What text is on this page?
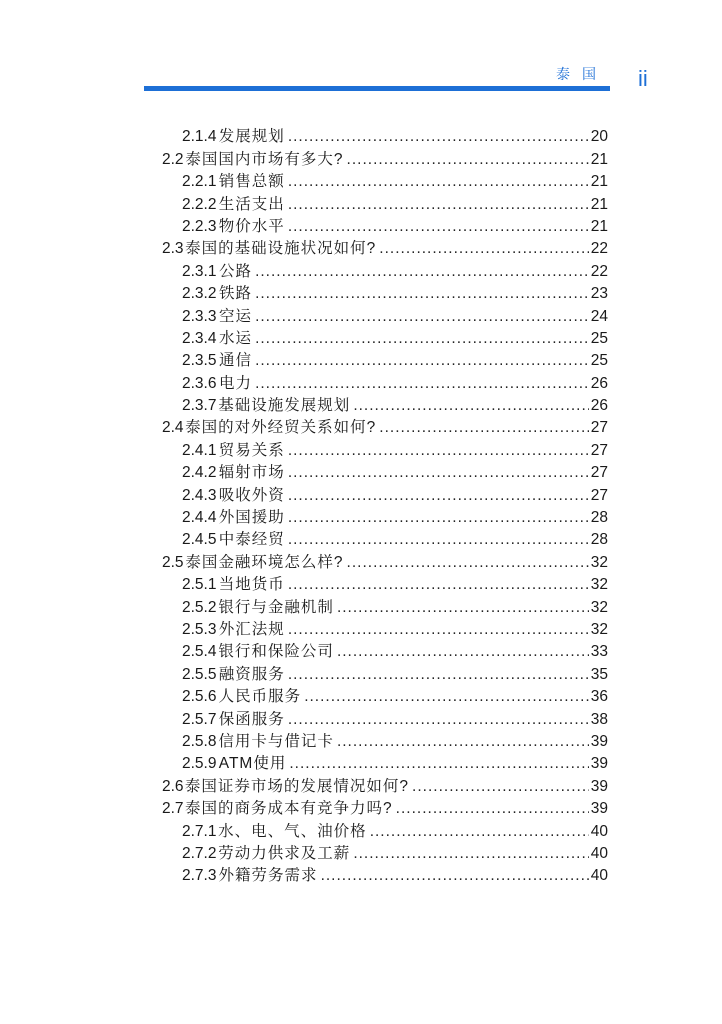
泰国 ii
2.1.4 发展规划 .....	20
2.2 泰国国内市场有多大? .....	21
2.2.1 销售总额 .....	21
2.2.2 生活支出 .....	21
2.2.3 物价水平 .....	21
2.3 泰国的基础设施状况如何? .....	22
2.3.1 公路 .....	22
2.3.2 铁路 .....	23
2.3.3 空运 .....	24
2.3.4 水运 .....	25
2.3.5 通信 .....	25
2.3.6 电力 .....	26
2.3.7 基础设施发展规划 .....	26
2.4 泰国的对外经贸关系如何? .....	27
2.4.1 贸易关系 .....	27
2.4.2 辐射市场 .....	27
2.4.3 吸收外资 .....	27
2.4.4 外国援助 .....	28
2.4.5 中泰经贸 .....	28
2.5 泰国金融环境怎么样? .....	32
2.5.1 当地货币 .....	32
2.5.2 银行与金融机制 .....	32
2.5.3 外汇法规 .....	32
2.5.4 银行和保险公司 .....	33
2.5.5 融资服务 .....	35
2.5.6 人民币服务 .....	36
2.5.7 保函服务 .....	38
2.5.8 信用卡与借记卡 .....	39
2.5.9 ATM使用 .....	39
2.6 泰国证券市场的发展情况如何? .....	39
2.7 泰国的商务成本有竞争力吗? .....	39
2.7.1 水、电、气、油价格 .....	40
2.7.2 劳动力供求及工薪 .....	40
2.7.3 外籍劳务需求 .....	40
